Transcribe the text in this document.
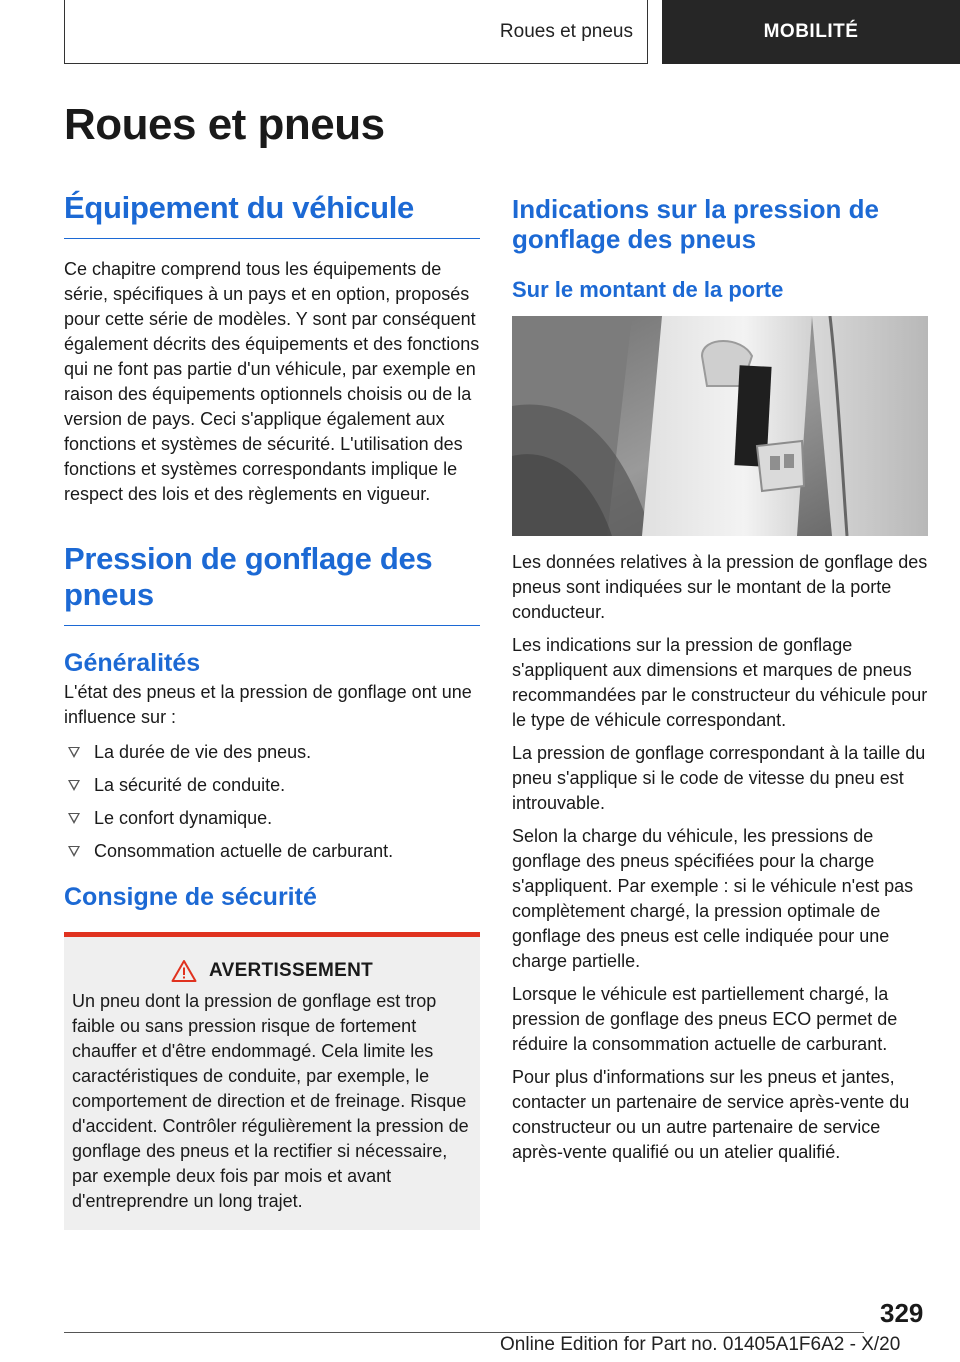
Roues et pneus	MOBILITÉ
Roues et pneus
Équipement du véhicule

Ce chapitre comprend tous les équipements de série, spécifiques à un pays et en option, proposés pour cette série de modèles. Y sont par conséquent également décrits des équipements et des fonctions qui ne font pas partie d'un véhicule, par exemple en raison des équipements optionnels choisis ou de la version de pays. Ceci s'applique également aux fonctions et systèmes de sécurité. L'utilisation des fonctions et systèmes correspondants implique le respect des lois et des règlements en vigueur.

Pression de gonflage des pneus
Généralités

L'état des pneus et la pression de gonflage ont une influence sur :

La durée de vie des pneus.
La sécurité de conduite.
Le confort dynamique.
Consommation actuelle de carburant.
Consigne de sécurité
AVERTISSEMENT

Un pneu dont la pression de gonflage est trop faible ou sans pression risque de fortement chauffer et d'être endommagé. Cela limite les caractéristiques de conduite, par exemple, le comportement de direction et de freinage. Risque d'accident. Contrôler régulièrement la pression de gonflage des pneus et la rectifier si nécessaire, par exemple deux fois par mois et avant d'entreprendre un long trajet.

Indications sur la pression de gonflage des pneus
Sur le montant de la porte

Les données relatives à la pression de gonflage des pneus sont indiquées sur le montant de la porte conducteur.

Les indications sur la pression de gonflage s'appliquent aux dimensions et marques de pneus recommandées par le constructeur du véhicule pour le type de véhicule correspondant.

La pression de gonflage correspondant à la taille du pneu s'applique si le code de vitesse du pneu est introuvable.

Selon la charge du véhicule, les pressions de gonflage des pneus spécifiées pour la charge s'appliquent. Par exemple : si le véhicule n'est pas complètement chargé, la pression optimale de gonflage des pneus est celle indiquée pour une charge partielle.

Lorsque le véhicule est partiellement chargé, la pression de gonflage des pneus ECO permet de réduire la consommation actuelle de carburant.

Pour plus d'informations sur les pneus et jantes, contacter un partenaire de service après-vente du constructeur ou un autre partenaire de service après-vente qualifié ou un atelier qualifié.

329
Online Edition for Part no. 01405A1F6A2 - X/20
